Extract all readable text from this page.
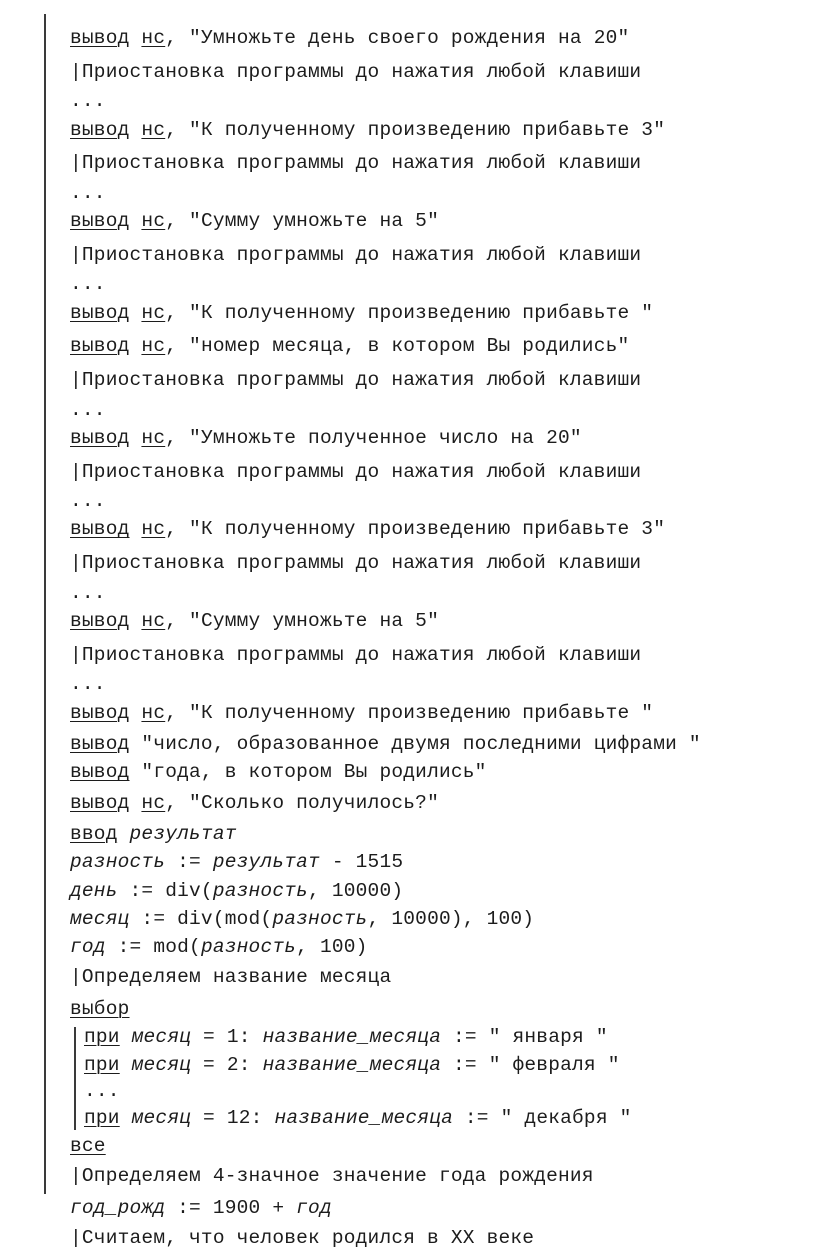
вывод нс, "Умножьте день своего рождения на 20"
|Приостановка программы до нажатия любой клавиши
...
вывод нс, "К полученному произведению прибавьте 3"
|Приостановка программы до нажатия любой клавиши
...
вывод нс, "Сумму умножьте на 5"
|Приостановка программы до нажатия любой клавиши
...
вывод нс, "К полученному произведению прибавьте "
вывод нс, "номер месяца, в котором Вы родились"
|Приостановка программы до нажатия любой клавиши
...
вывод нс, "Умножьте полученное число на 20"
|Приостановка программы до нажатия любой клавиши
...
вывод нс, "К полученному произведению прибавьте 3"
|Приостановка программы до нажатия любой клавиши
...
вывод нс, "Сумму умножьте на 5"
|Приостановка программы до нажатия любой клавиши
...
вывод нс, "К полученному произведению прибавьте "
вывод "число, образованное двумя последними цифрами "
вывод "года, в котором Вы родились"
вывод нс, "Сколько получилось?"
ввод результат
разность := результат - 1515
день := div(разность, 10000)
месяц := div(mod(разность, 10000), 100)
год := mod(разность, 100)
|Определяем название месяца
выбор
при месяц = 1: название_месяца := " января "
при месяц = 2: название_месяца := " февраля "
...
при месяц = 12: название_месяца := " декабря "
все
|Определяем 4-значное значение года рождения
год_рожд := 1900 + год
|Считаем, что человек родился в XX веке
